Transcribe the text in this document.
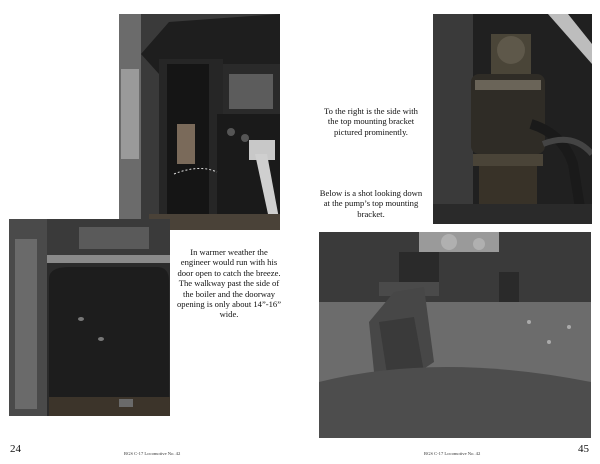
In warmer weather the engineer would run with his door open to catch the breeze. The walkway past the side of the boiler and the doorway opening is only about 14”-16” wide.
24	RGS C-17 Locomotive No. 42
To the right is the side with the top mounting bracket pictured prominently.
Below is a shot looking down at the pump’s top mounting bracket.
45
RGS C-17 Locomotive No. 42
